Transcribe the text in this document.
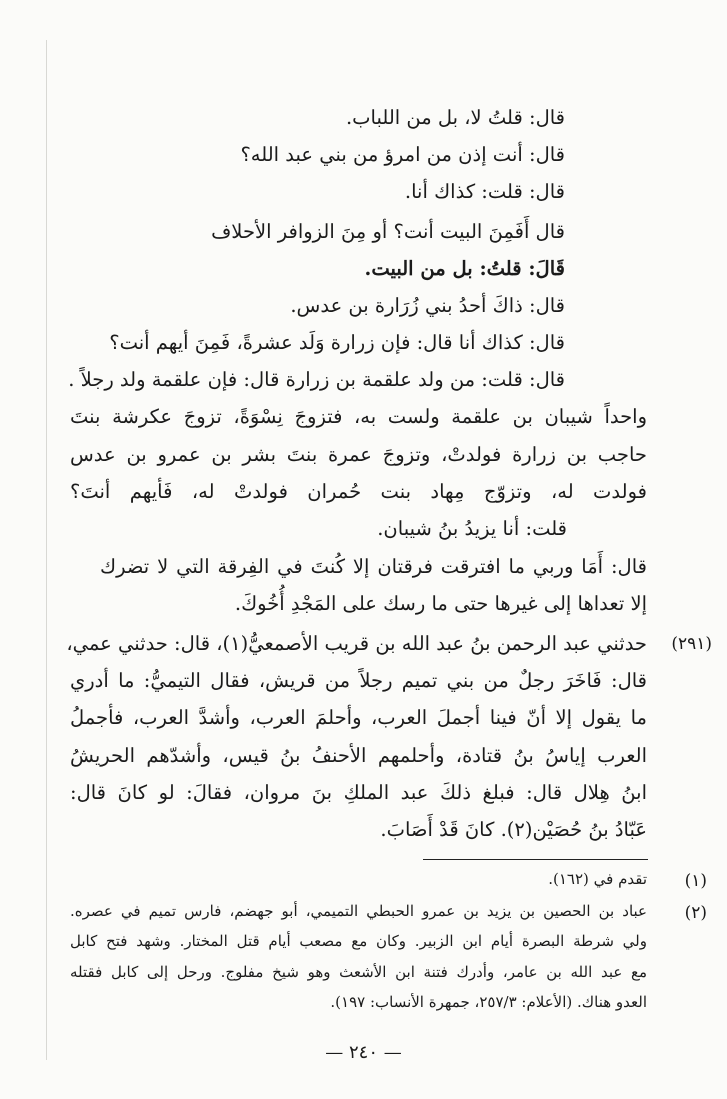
قال: قلتُ لا، بل من اللباب.
قال: أنت إذن من امرؤ من بني عبد الله؟
قال: قلت: كذاك أنا.
قال أَفَمِنَ البيت أنت؟ أو مِنَ الزوافر الأحلاف
قَالَ: قلتُ: بل من البيت.
قال: ذاكَ أحدُ بني زُرَارة بن عدس.
قال: كذاك أنا قال: فإن زرارة وَلَد عشرةً، فَمِنَ أيهم أنت؟
قال: قلت: من ولد علقمة بن زرارة قال: فإن علقمة ولد رجلاً .
واحداً شيبان بن علقمة ولست به، فتزوجَ نِسْوَةً، تزوجَ عكرشة بنتَ
حاجب بن زرارة فولدتْ، وتزوجَ عمرة بنتَ بشر بن عمرو بن عدس
فولدت له، وتزوّج مِهاد بنت حُمران فولدتْ له، فَأيهم أنتَ؟
قلت: أنا يزيدُ بنُ شيبان.
قال: أَمَا وربي ما افترقت فرقتان إلا كُنتَ في الفِرقة التي لا تضرك
إلا تعداها إلى غيرها حتى ما رسك على المَجْدِ أُخُوكَ.
(٢٩١)
حدثني عبد الرحمن بنُ عبد الله بن قريب الأصمعيُّ(١)، قال: حدثني عمي،
قال: فَاخَرَ رجلٌ من بني تميم رجلاً من قريش، فقال التيميُّ: ما أدري
ما يقول إلا أنّ فينا أجملَ العرب، وأحلمَ العرب، وأشدَّ العرب، فأجملُ
العرب إياسُ بنُ قتادة، وأحلمهم الأحنفُ بنُ قيس، وأشدّهم الحريشُ
ابنُ هِلال قال: فبلغ ذلكَ عبد الملكِ بنَ مروان، فقالَ: لو كانَ قال:
عَبّادُ بنُ حُصَيْن(٢). كانَ قَدْ أَصَابَ.
(١)
تقدم في (١٦٢).
(٢)
عباد بن الحصين بن يزيد بن عمرو الحبطي التميمي، أبو جهضم، فارس تميم في عصره.
ولي شرطة البصرة أيام ابن الزبير. وكان مع مصعب أيام قتل المختار. وشهد فتح كابل
مع عبد الله بن عامر، وأدرك فتنة ابن الأشعث وهو شيخ مفلوج. ورحل إلى كابل فقتله
العدو هناك. (الأعلام: ٢٥٧/٣، جمهرة الأنساب: ١٩٧).
— ٢٤٠ —
